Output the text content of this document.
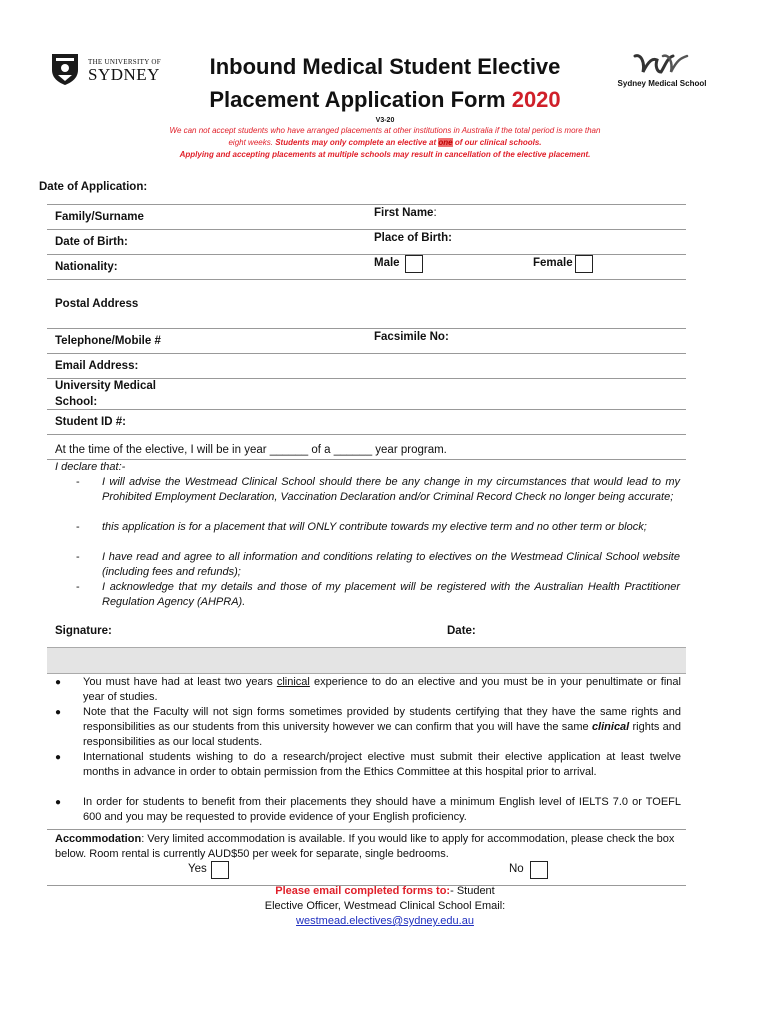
THE UNIVERSITY OF
SYDNEY	Sydney Medical School
Inbound Medical Student Elective
Placement Application Form 2020
V3-20
We can not accept students who have arranged placements at other institutions in Australia if the total period is more than
eight weeks. Students may only complete an elective at one of our clinical schools.
Applying and accepting placements at multiple schools may result in cancellation of the elective placement.
Date of Application:
Family/Surname	First Name:
Date of Birth:	Place of Birth:
Nationality:	Male	Female
Postal Address
Telephone/Mobile #	Facsimile No:
Email Address:
University Medical
School:
Student ID #:
At the time of the elective, I will be in year ______ of a ______ year program.
I declare that:-
- I will advise the Westmead Clinical School should there be any change in my circumstances that would lead to my Prohibited Employment Declaration, Vaccination Declaration and/or Criminal Record Check no longer being accurate;
- this application is for a placement that will ONLY contribute towards my elective term and no other term or block;
- I have read and agree to all information and conditions relating to electives on the Westmead Clinical School website (including fees and refunds);
- I acknowledge that my details and those of my placement will be registered with the Australian Health Practitioner Regulation Agency (AHPRA).
Signature:	Date:
● You must have had at least two years clinical experience to do an elective and you must be in your penultimate or final year of studies.
● Note that the Faculty will not sign forms sometimes provided by students certifying that they have the same rights and responsibilities as our students from this university however we can confirm that you will have the same clinical rights and responsibilities as our local students.
● International students wishing to do a research/project elective must submit their elective application at least twelve months in advance in order to obtain permission from the Ethics Committee at this hospital prior to arrival.
● In order for students to benefit from their placements they should have a minimum English level of IELTS 7.0 or TOEFL 600 and you may be requested to provide evidence of your English proficiency.
Accommodation: Very limited accommodation is available. If you would like to apply for accommodation, please check the box below. Room rental is currently AUD$50 per week for separate, single bedrooms.
Yes	No
Please email completed forms to:- Student
Elective Officer, Westmead Clinical School Email:
westmead.electives@sydney.edu.au
